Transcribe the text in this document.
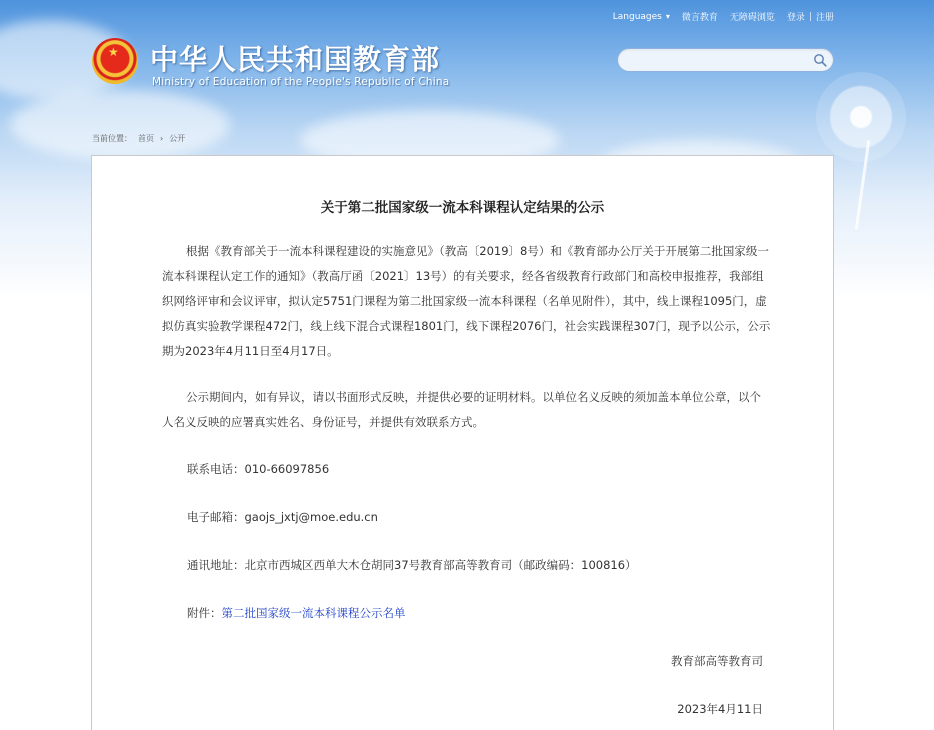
Languages ▾ 微言教育 无障碍浏览 登录 | 注册
★ 中华人民共和国教育部
Ministry of Education of the People's Republic of China
当前位置： 首页 › 公开
关于第二批国家级一流本科课程认定结果的公示
根据《教育部关于一流本科课程建设的实施意见》（教高〔2019〕8号）和《教育部办公厅关于开展第二批国家级一流本科课程认定工作的通知》（教高厅函〔2021〕13号）的有关要求，经各省级教育行政部门和高校申报推荐，我部组织网络评审和会议评审，拟认定5751门课程为第二批国家级一流本科课程（名单见附件），其中，线上课程1095门，虚拟仿真实验教学课程472门，线上线下混合式课程1801门，线下课程2076门，社会实践课程307门，现予以公示，公示期为2023年4月11日至4月17日。
公示期间内，如有异议，请以书面形式反映，并提供必要的证明材料。以单位名义反映的须加盖本单位公章，以个人名义反映的应署真实姓名、身份证号，并提供有效联系方式。
联系电话：010-66097856
电子邮箱：gaojs_jxtj@moe.edu.cn
通讯地址：北京市西城区西单大木仓胡同37号教育部高等教育司（邮政编码：100816）
附件：第二批国家级一流本科课程公示名单
教育部高等教育司
2023年4月11日
